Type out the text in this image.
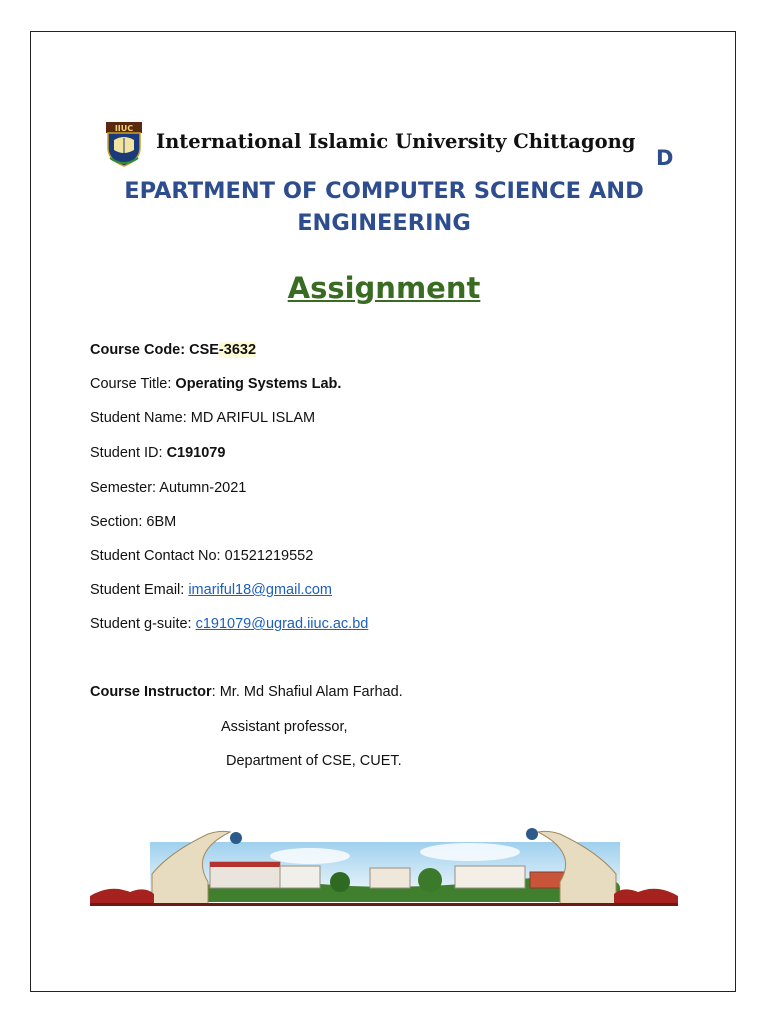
IIUC
International Islamic University Chittagong
D
EPARTMENT OF COMPUTER SCIENCE AND
ENGINEERING
Assignment
Course Code: CSE-3632
Course Title: Operating Systems Lab.
Student Name: MD ARIFUL ISLAM
Student ID: C191079
Semester: Autumn-2021
Section: 6BM
Student Contact No: 01521219552
Student Email: imariful18@gmail.com
Student g-suite: c191079@ugrad.iiuc.ac.bd
Course Instructor: Mr. Md Shafiul Alam Farhad.
Assistant professor,
Department of CSE, CUET.
